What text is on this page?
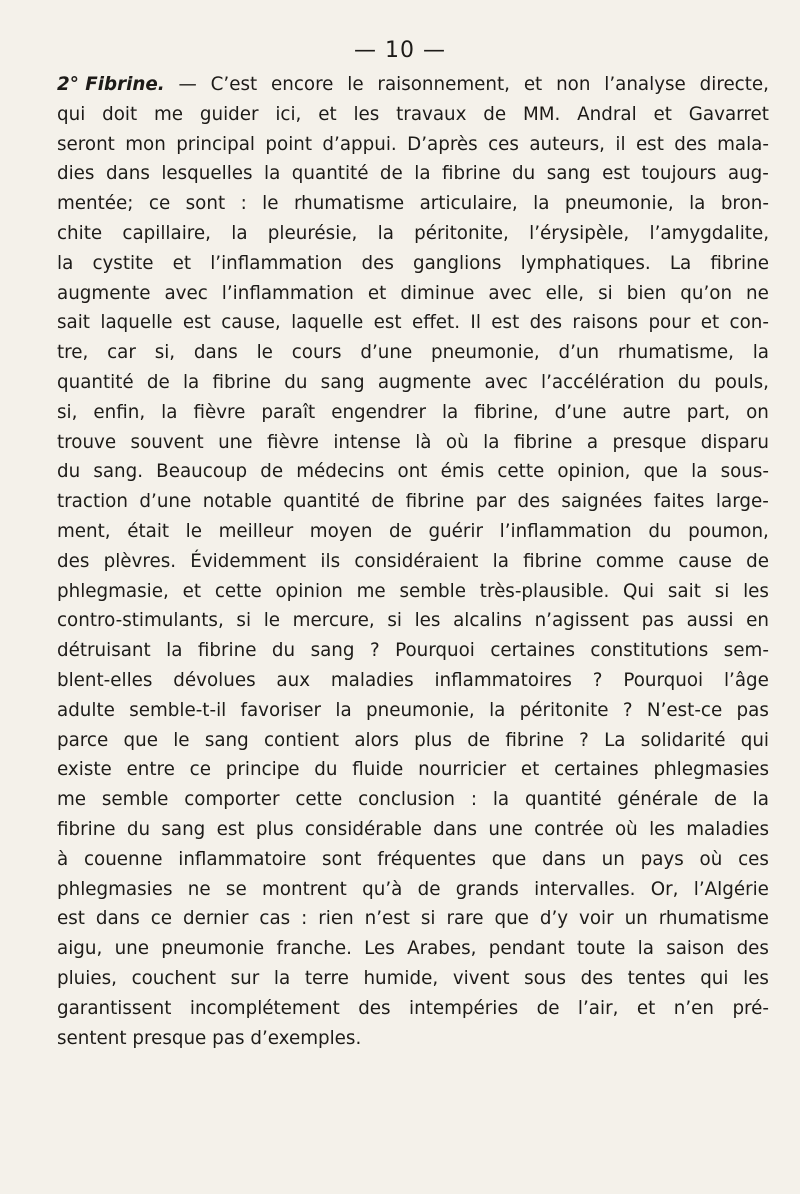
— 10 —
2° Fibrine. — C’est encore le raisonnement, et non l’analyse directe,
qui doit me guider ici, et les travaux de MM. Andral et Gavarret
seront mon principal point d’appui. D’après ces auteurs, il est des mala-
dies dans lesquelles la quantité de la fibrine du sang est toujours aug-
mentée; ce sont : le rhumatisme articulaire, la pneumonie, la bron-
chite capillaire, la pleurésie, la péritonite, l’érysipèle, l’amygdalite,
la cystite et l’inflammation des ganglions lymphatiques. La fibrine
augmente avec l’inflammation et diminue avec elle, si bien qu’on ne
sait laquelle est cause, laquelle est effet. Il est des raisons pour et con-
tre, car si, dans le cours d’une pneumonie, d’un rhumatisme, la
quantité de la fibrine du sang augmente avec l’accélération du pouls,
si, enfin, la fièvre paraît engendrer la fibrine, d’une autre part, on
trouve souvent une fièvre intense là où la fibrine a presque disparu
du sang. Beaucoup de médecins ont émis cette opinion, que la sous-
traction d’une notable quantité de fibrine par des saignées faites large-
ment, était le meilleur moyen de guérir l’inflammation du poumon,
des plèvres. Évidemment ils considéraient la fibrine comme cause de
phlegmasie, et cette opinion me semble très-plausible. Qui sait si les
contro-stimulants, si le mercure, si les alcalins n’agissent pas aussi en
détruisant la fibrine du sang ? Pourquoi certaines constitutions sem-
blent-elles dévolues aux maladies inflammatoires ? Pourquoi l’âge
adulte semble-t-il favoriser la pneumonie, la péritonite ? N’est-ce pas
parce que le sang contient alors plus de fibrine ? La solidarité qui
existe entre ce principe du fluide nourricier et certaines phlegmasies
me semble comporter cette conclusion : la quantité générale de la
fibrine du sang est plus considérable dans une contrée où les maladies
à couenne inflammatoire sont fréquentes que dans un pays où ces
phlegmasies ne se montrent qu’à de grands intervalles. Or, l’Algérie
est dans ce dernier cas : rien n’est si rare que d’y voir un rhumatisme
aigu, une pneumonie franche. Les Arabes, pendant toute la saison des
pluies, couchent sur la terre humide, vivent sous des tentes qui les
garantissent incomplétement des intempéries de l’air, et n’en pré-
sentent presque pas d’exemples.
